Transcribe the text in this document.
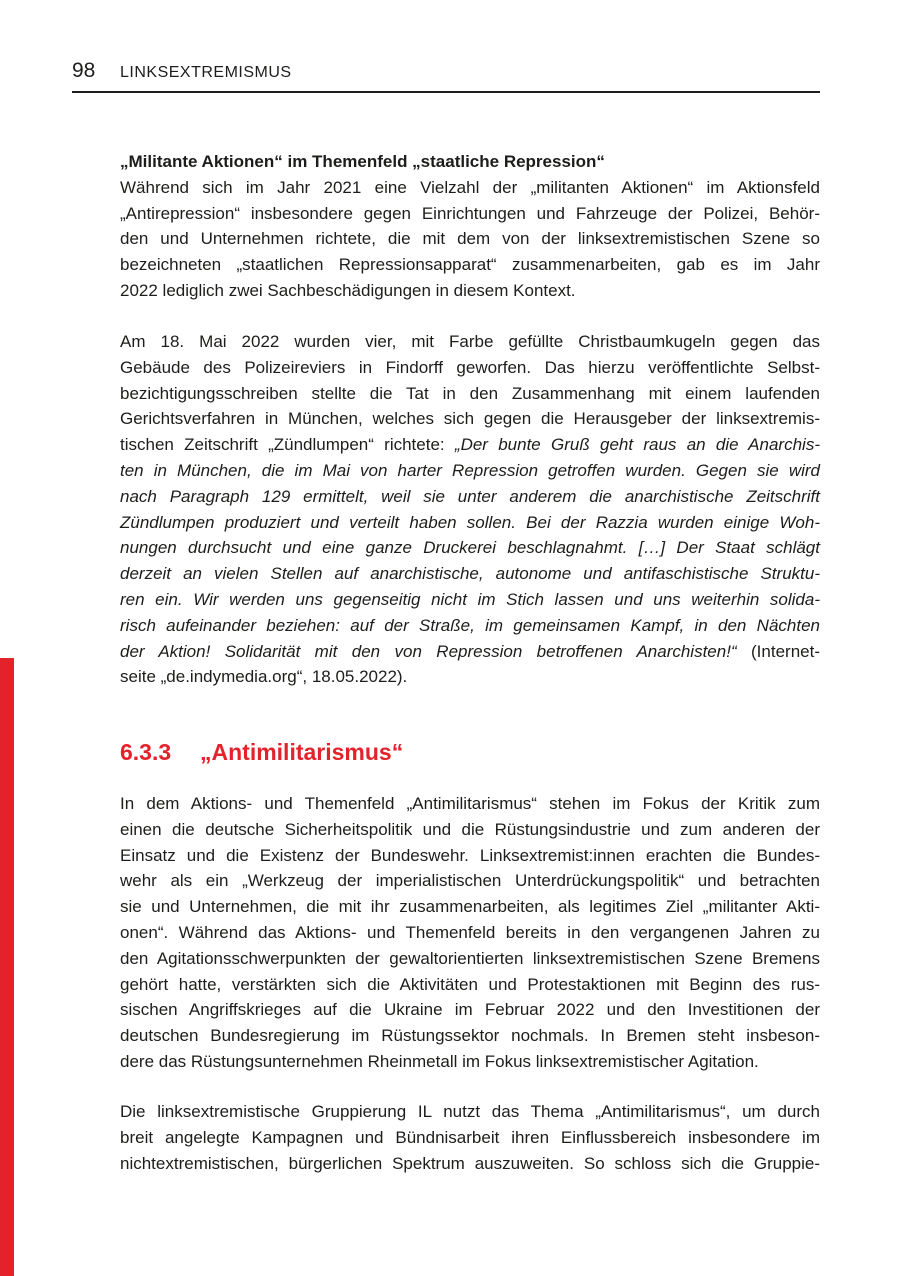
98 LINKSEXTREMISMUS
„Militante Aktionen“ im Themenfeld „staatliche Repression“
Während sich im Jahr 2021 eine Vielzahl der „militanten Aktionen“ im Aktionsfeld
„Antirepression“ insbesondere gegen Einrichtungen und Fahrzeuge der Polizei, Behör-
den und Unternehmen richtete, die mit dem von der linksextremistischen Szene so
bezeichneten „staatlichen Repressionsapparat“ zusammenarbeiten, gab es im Jahr
2022 lediglich zwei Sachbeschädigungen in diesem Kontext.
Am 18. Mai 2022 wurden vier, mit Farbe gefüllte Christbaumkugeln gegen das
Gebäude des Polizeireviers in Findorff geworfen. Das hierzu veröffentlichte Selbst-
bezichtigungsschreiben stellte die Tat in den Zusammenhang mit einem laufenden
Gerichtsverfahren in München, welches sich gegen die Herausgeber der linksextremis-
tischen Zeitschrift „Zündlumpen“ richtete: „Der bunte Gruß geht raus an die Anarchis-
ten in München, die im Mai von harter Repression getroffen wurden. Gegen sie wird
nach Paragraph 129 ermittelt, weil sie unter anderem die anarchistische Zeitschrift
Zündlumpen produziert und verteilt haben sollen. Bei der Razzia wurden einige Woh-
nungen durchsucht und eine ganze Druckerei beschlagnahmt. […] Der Staat schlägt
derzeit an vielen Stellen auf anarchistische, autonome und antifaschistische Struktu-
ren ein. Wir werden uns gegenseitig nicht im Stich lassen und uns weiterhin solida-
risch aufeinander beziehen: auf der Straße, im gemeinsamen Kampf, in den Nächten
der Aktion! Solidarität mit den von Repression betroffenen Anarchisten!“ (Internet-
seite „de.indymedia.org“, 18.05.2022).
6.3.3 „Antimilitarismus“
In dem Aktions- und Themenfeld „Antimilitarismus“ stehen im Fokus der Kritik zum
einen die deutsche Sicherheitspolitik und die Rüstungsindustrie und zum anderen der
Einsatz und die Existenz der Bundeswehr. Linksextremist:innen erachten die Bundes-
wehr als ein „Werkzeug der imperialistischen Unterdrückungspolitik“ und betrachten
sie und Unternehmen, die mit ihr zusammenarbeiten, als legitimes Ziel „militanter Akti-
onen“. Während das Aktions- und Themenfeld bereits in den vergangenen Jahren zu
den Agitationsschwerpunkten der gewaltorientierten linksextremistischen Szene Bremens
gehört hatte, verstärkten sich die Aktivitäten und Protestaktionen mit Beginn des rus-
sischen Angriffskrieges auf die Ukraine im Februar 2022 und den Investitionen der
deutschen Bundesregierung im Rüstungssektor nochmals. In Bremen steht insbeson-
dere das Rüstungsunternehmen Rheinmetall im Fokus linksextremistischer Agitation.
Die linksextremistische Gruppierung IL nutzt das Thema „Antimilitarismus“, um durch
breit angelegte Kampagnen und Bündnisarbeit ihren Einflussbereich insbesondere im
nichtextremistischen, bürgerlichen Spektrum auszuweiten. So schloss sich die Gruppie-
